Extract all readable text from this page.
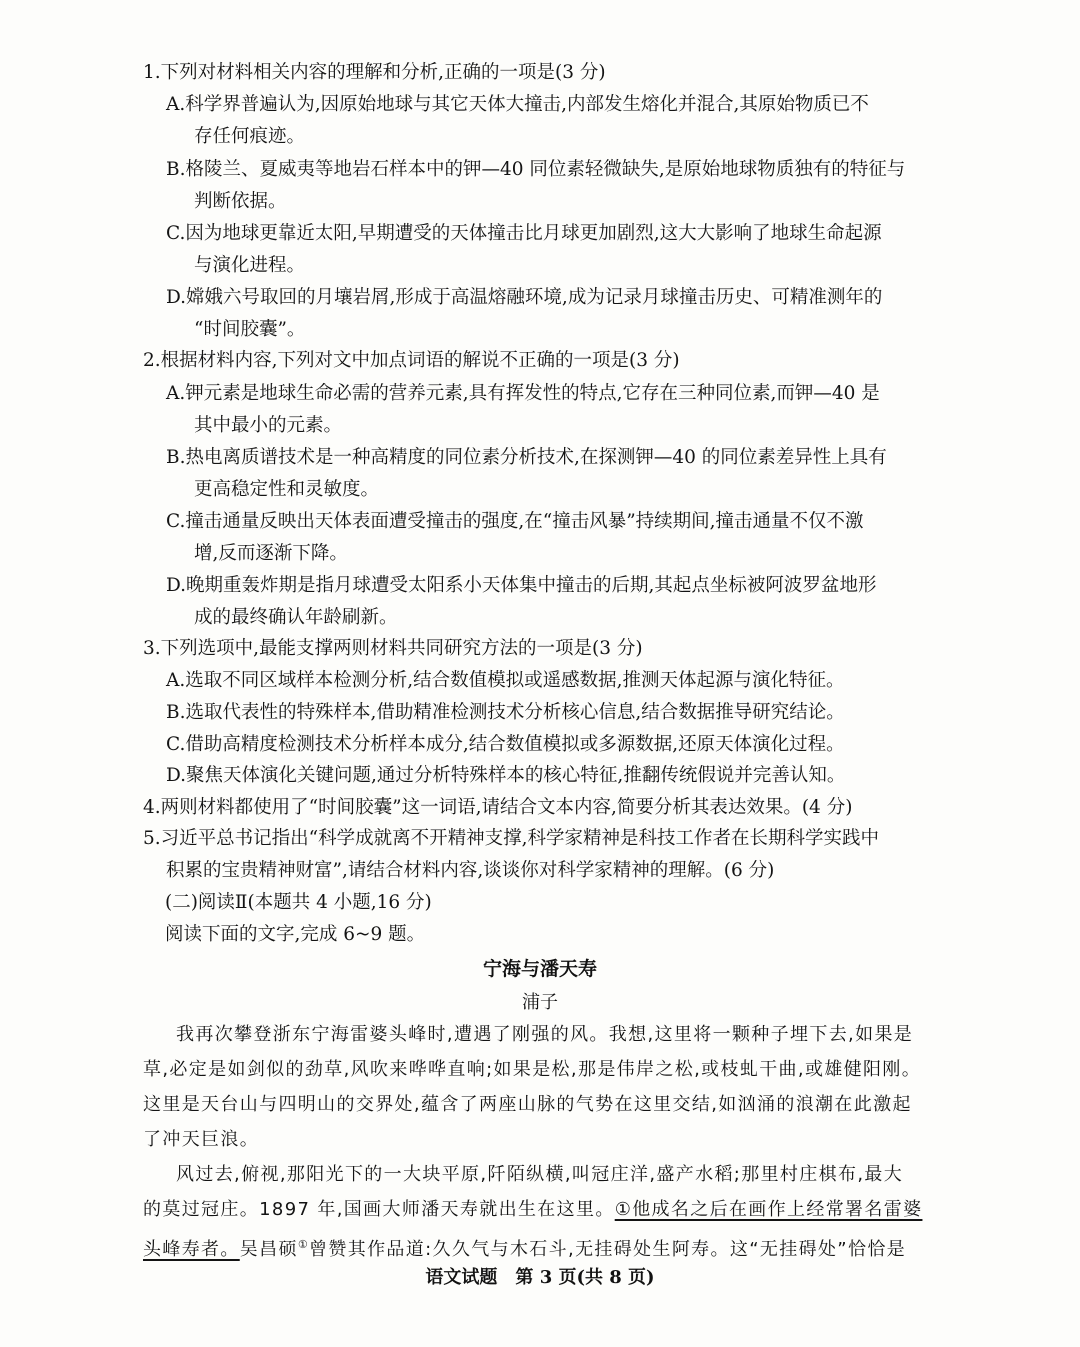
1.下列对材料相关内容的理解和分析,正确的一项是(3 分)
A.科学界普遍认为,因原始地球与其它天体大撞击,内部发生熔化并混合,其原始物质已不
存任何痕迹。
B.格陵兰、夏威夷等地岩石样本中的钾—40 同位素轻微缺失,是原始地球物质独有的特征与
判断依据。
C.因为地球更靠近太阳,早期遭受的天体撞击比月球更加剧烈,这大大影响了地球生命起源
与演化进程。
D.嫦娥六号取回的月壤岩屑,形成于高温熔融环境,成为记录月球撞击历史、可精准测年的
“时间胶囊”。
2.根据材料内容,下列对文中加点词语的解说不正确的一项是(3 分)
A.钾元素是地球生命必需的营养元素,具有挥发性的特点,它存在三种同位素,而钾—40 是
其中最小的元素。
B.热电离质谱技术是一种高精度的同位素分析技术,在探测钾—40 的同位素差异性上具有
更高稳定性和灵敏度。
C.撞击通量反映出天体表面遭受撞击的强度,在“撞击风暴”持续期间,撞击通量不仅不激
增,反而逐渐下降。
D.晚期重轰炸期是指月球遭受太阳系小天体集中撞击的后期,其起点坐标被阿波罗盆地形
成的最终确认年龄刷新。
3.下列选项中,最能支撑两则材料共同研究方法的一项是(3 分)
A.选取不同区域样本检测分析,结合数值模拟或遥感数据,推测天体起源与演化特征。
B.选取代表性的特殊样本,借助精准检测技术分析核心信息,结合数据推导研究结论。
C.借助高精度检测技术分析样本成分,结合数值模拟或多源数据,还原天体演化过程。
D.聚焦天体演化关键问题,通过分析特殊样本的核心特征,推翻传统假说并完善认知。
4.两则材料都使用了“时间胶囊”这一词语,请结合文本内容,简要分析其表达效果。(4 分)
5.习近平总书记指出“科学成就离不开精神支撑,科学家精神是科技工作者在长期科学实践中
积累的宝贵精神财富”,请结合材料内容,谈谈你对科学家精神的理解。(6 分)
(二)阅读Ⅱ(本题共 4 小题,16 分)
阅读下面的文字,完成 6~9 题。
宁海与潘天寿
浦子
我再次攀登浙东宁海雷婆头峰时,遭遇了刚强的风。我想,这里将一颗种子埋下去,如果是
草,必定是如剑似的劲草,风吹来哗哗直响;如果是松,那是伟岸之松,或枝虬干曲,或雄健阳刚。
这里是天台山与四明山的交界处,蕴含了两座山脉的气势在这里交结,如汹涌的浪潮在此激起
了冲天巨浪。
风过去,俯视,那阳光下的一大块平原,阡陌纵横,叫冠庄洋,盛产水稻;那里村庄棋布,最大
的莫过冠庄。1897 年,国画大师潘天寿就出生在这里。①他成名之后在画作上经常署名雷婆
头峰寿者。吴昌硕①曾赞其作品道:久久气与木石斗,无挂碍处生阿寿。这“无挂碍处”恰恰是
语文试题　第 3 页(共 8 页)
